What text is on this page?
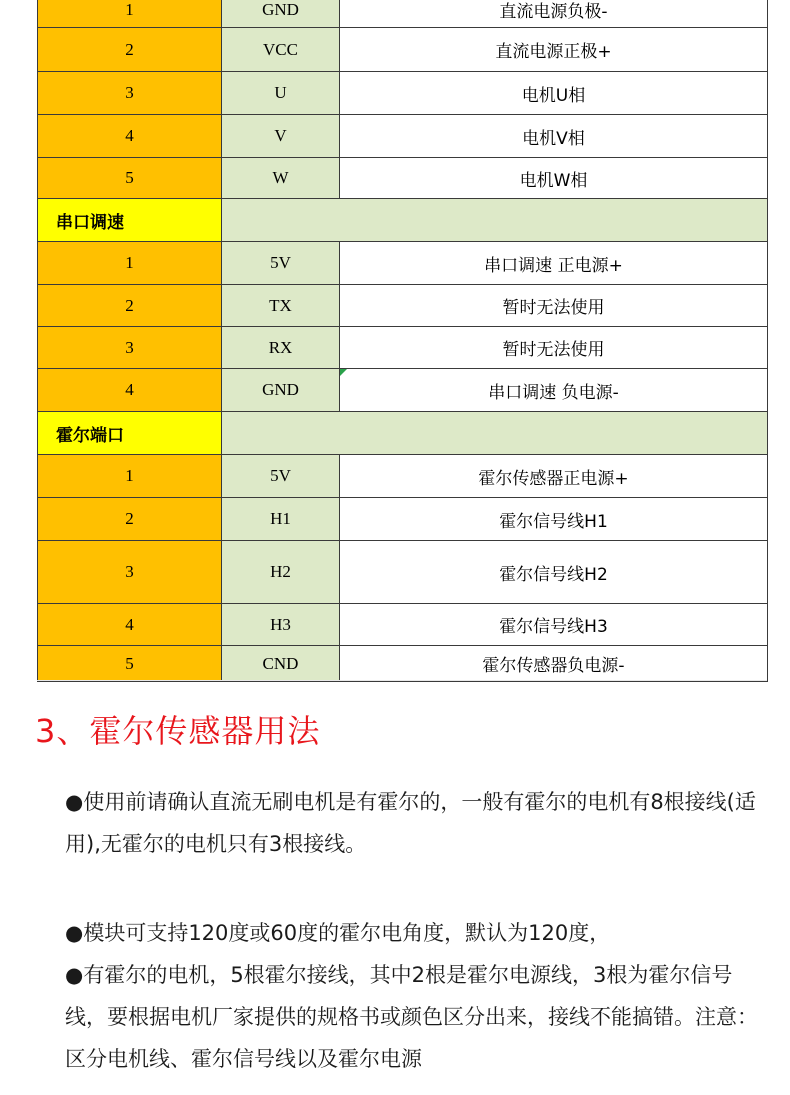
1	GND	直流电源负极-
2	VCC	直流电源正极+
3	U	电机U相
4	V	电机V相
5	W	电机W相
串口调速		
1	5V	串口调速 正电源+
2	TX	暂时无法使用
3	RX	暂时无法使用
4	GND	串口调速 负电源-
霍尔端口		
1	5V	霍尔传感器正电源+
2	H1	霍尔信号线H1
3	H2	霍尔信号线H2
4	H3	霍尔信号线H3
5	CND	霍尔传感器负电源-
3、霍尔传感器用法
●使用前请确认直流无刷电机是有霍尔的，一般有霍尔的电机有8根接线(适用),无霍尔的电机只有3根接线。
●模块可支持120度或60度的霍尔电角度，默认为120度，
●有霍尔的电机，5根霍尔接线，其中2根是霍尔电源线，3根为霍尔信号线，要根据电机厂家提供的规格书或颜色区分出来，接线不能搞错。注意：区分电机线、霍尔信号线以及霍尔电源
